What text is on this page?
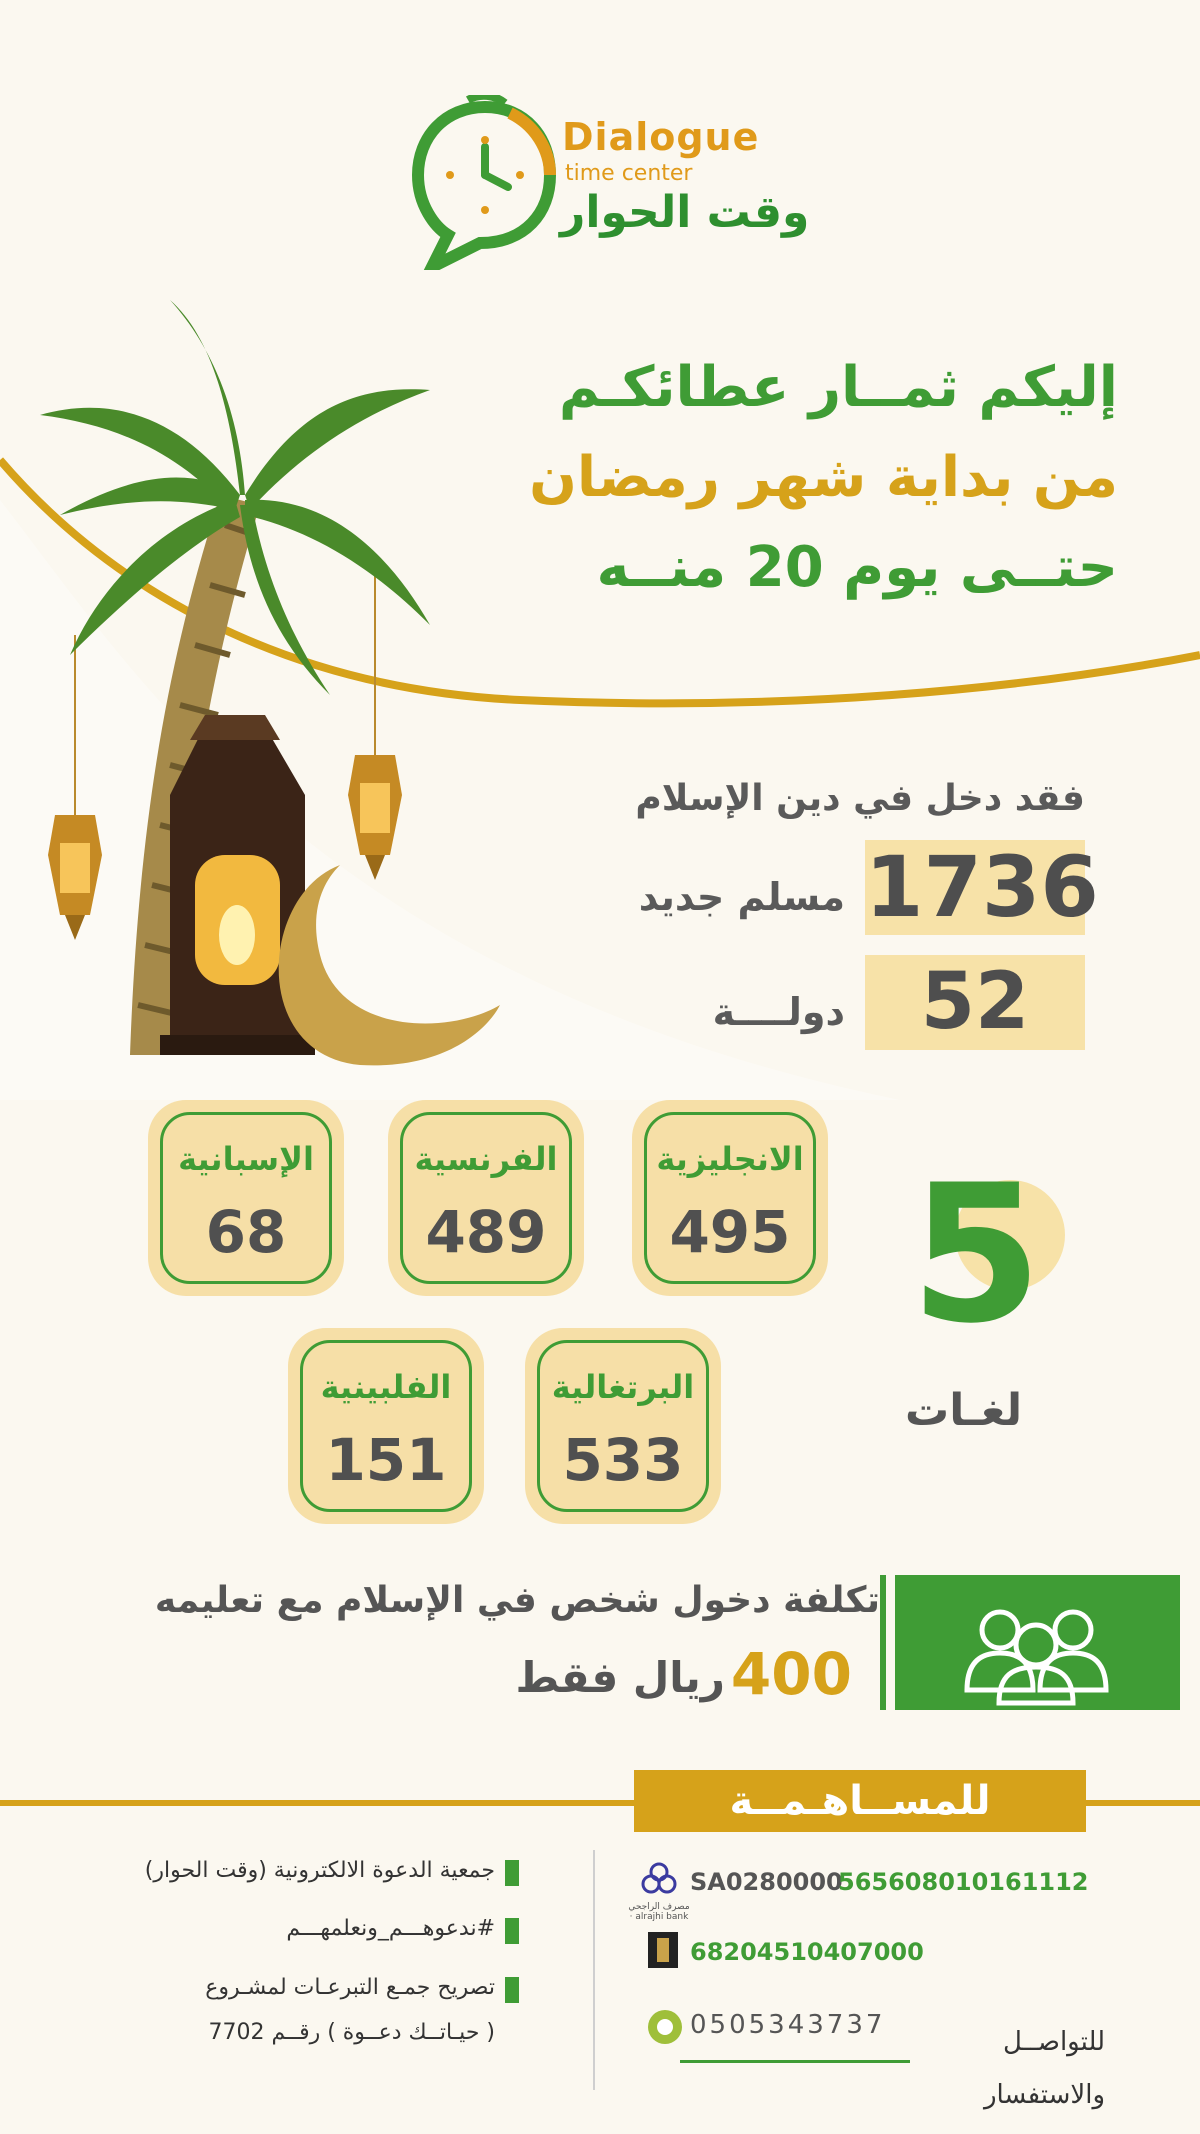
Dialogue
time center
وقت الحوار
إليكم ثمــار عطائكـم
من بداية شهر رمضان
حتــى يوم 20 منــه
فقد دخل في دين الإسلام
1736
مسلم جديد
52
دولــــة
الانجليزية
495
الفرنسية
489
الإسبانية
68
البرتغالية
533
الفلبينية
151
5
لغـات
تكلفة دخول شخص في الإسلام مع تعليمه
400
ريال فقط
للمســاهـمــة
مصرف الراجحي · alrajhi bank
SA0280000
565608010161112
68204510407000
0505343737
للتواصــل
والاستفسار
جمعية الدعوة الالكترونية (وقت الحوار)
#ندعوهـــم_ونعلمهـــم
تصريح جمـع التبرعـات لمشـروع
( حيـاتــك دعــوة ) رقــم 7702
